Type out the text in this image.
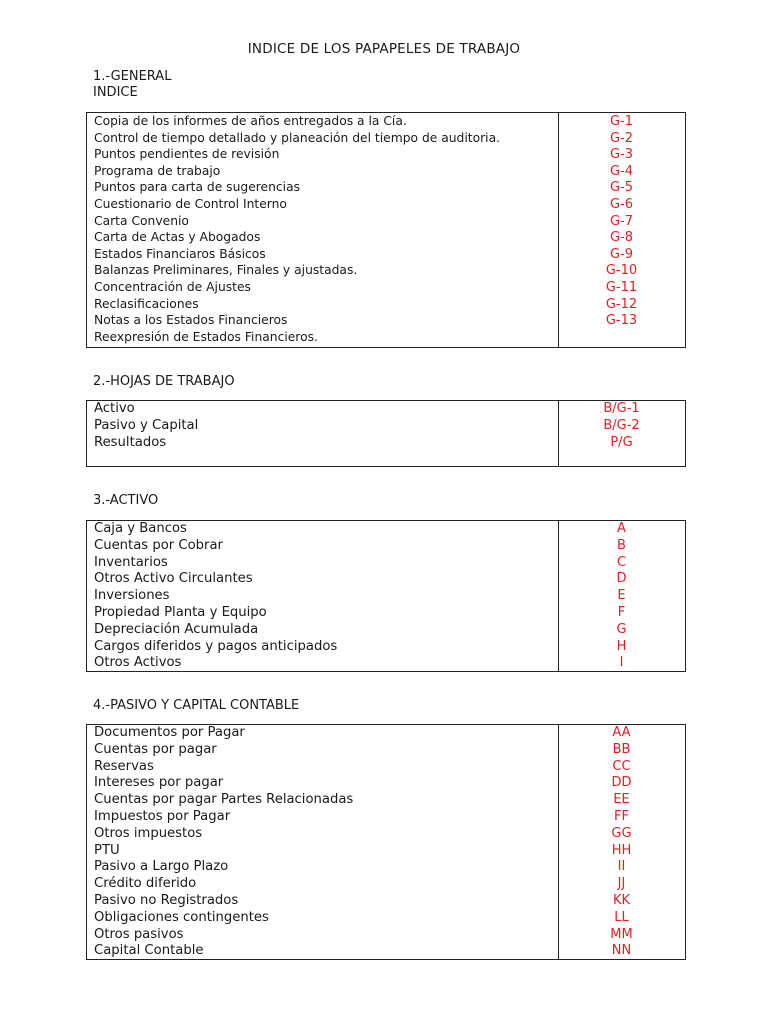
INDICE DE LOS PAPAPELES DE TRABAJO
1.-GENERAL
INDICE
Copia de los informes de años entregados a la Cía.	G-1
Control de tiempo detallado y planeación del tiempo de auditoria.	G-2
Puntos pendientes de revisión	G-3
Programa de trabajo	G-4
Puntos para carta de sugerencias	G-5
Cuestionario de Control Interno	G-6
Carta Convenio	G-7
Carta de Actas y Abogados	G-8
Estados Financiaros Básicos	G-9
Balanzas Preliminares, Finales y ajustadas.	G-10
Concentración de Ajustes	G-11
Reclasificaciones	G-12
Notas a los Estados Financieros	G-13
Reexpresión de Estados Financieros.
2.-HOJAS DE TRABAJO
Activo	B/G-1
Pasivo y Capital	B/G-2
Resultados	P/G
3.-ACTIVO
Caja y Bancos	A
Cuentas por Cobrar	B
Inventarios	C
Otros Activo Circulantes	D
Inversiones	E
Propiedad Planta y Equipo	F
Depreciación Acumulada	G
Cargos diferidos y pagos anticipados	H
Otros Activos	I
4.-PASIVO Y CAPITAL CONTABLE
Documentos por Pagar	AA
Cuentas por pagar	BB
Reservas	CC
Intereses por pagar	DD
Cuentas por pagar Partes Relacionadas	EE
Impuestos por Pagar	FF
Otros impuestos	GG
PTU	HH
Pasivo a Largo Plazo	II
Crédito diferido	JJ
Pasivo no Registrados	KK
Obligaciones contingentes	LL
Otros pasivos	MM
Capital Contable	NN
